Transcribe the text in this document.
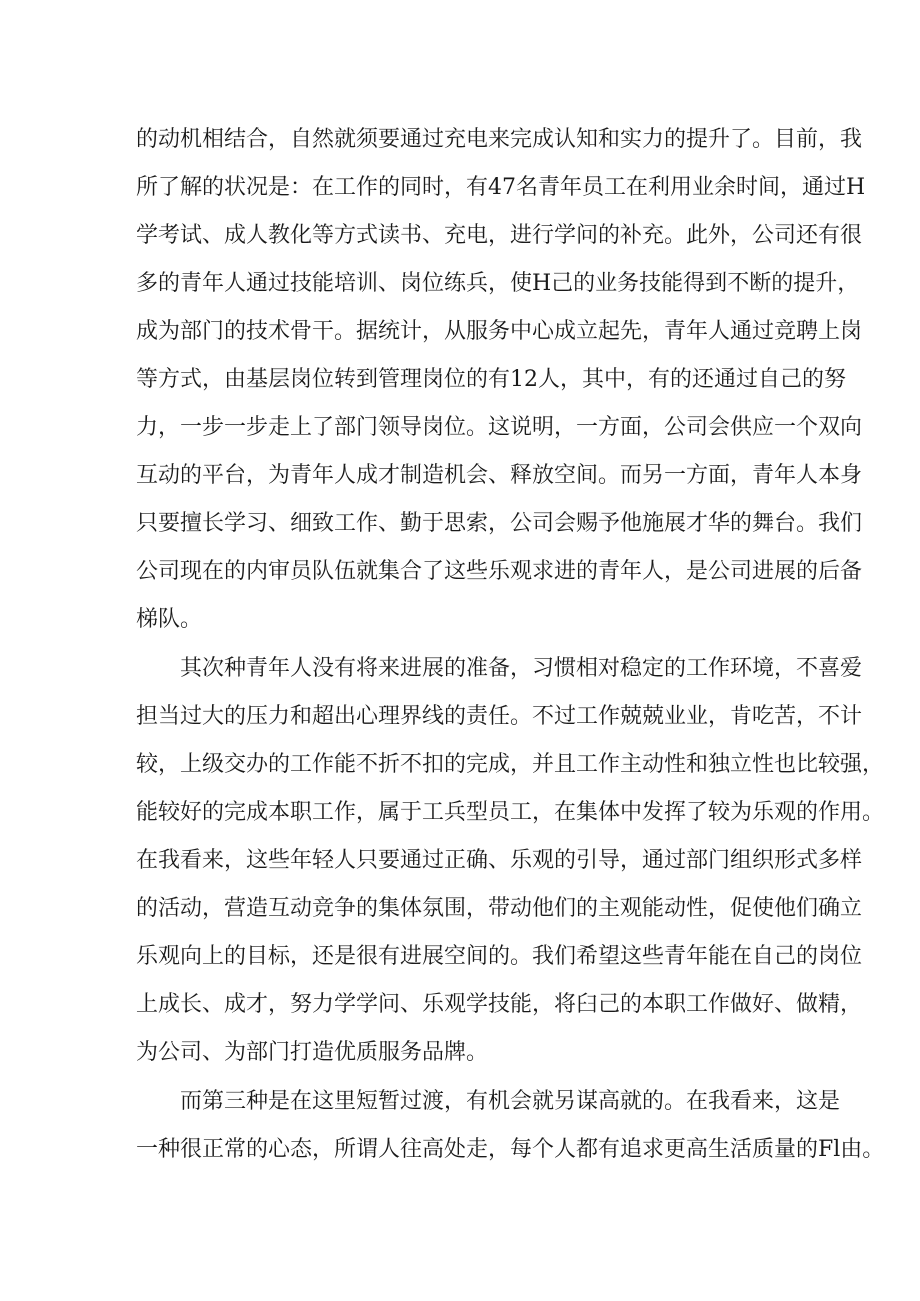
的动机相结合，自然就须要通过充电来完成认知和实力的提升了。目前，我
所了解的状况是：在工作的同时，有47名青年员工在利用业余时间，通过H
学考试、成人教化等方式读书、充电，进行学问的补充。此外，公司还有很
多的青年人通过技能培训、岗位练兵，使H己的业务技能得到不断的提升，
成为部门的技术骨干。据统计，从服务中心成立起先，青年人通过竞聘上岗
等方式，由基层岗位转到管理岗位的有12人，其中，有的还通过自己的努
力，一步一步走上了部门领导岗位。这说明，一方面，公司会供应一个双向
互动的平台，为青年人成才制造机会、释放空间。而另一方面，青年人本身
只要擅长学习、细致工作、勤于思索，公司会赐予他施展才华的舞台。我们
公司现在的内审员队伍就集合了这些乐观求进的青年人，是公司进展的后备
梯队。
其次种青年人没有将来进展的准备，习惯相对稳定的工作环境，不喜爱
担当过大的压力和超出心理界线的责任。不过工作兢兢业业，肯吃苦，不计
较，上级交办的工作能不折不扣的完成，并且工作主动性和独立性也比较强，
能较好的完成本职工作，属于工兵型员工，在集体中发挥了较为乐观的作用。
在我看来，这些年轻人只要通过正确、乐观的引导，通过部门组织形式多样
的活动，营造互动竞争的集体氛围，带动他们的主观能动性，促使他们确立
乐观向上的目标，还是很有进展空间的。我们希望这些青年能在自己的岗位
上成长、成才，努力学学问、乐观学技能，将臼己的本职工作做好、做精，
为公司、为部门打造优质服务品牌。
而第三种是在这里短暂过渡，有机会就另谋高就的。在我看来，这是
一种很正常的心态，所谓人往高处走，每个人都有追求更高生活质量的Fl由。
